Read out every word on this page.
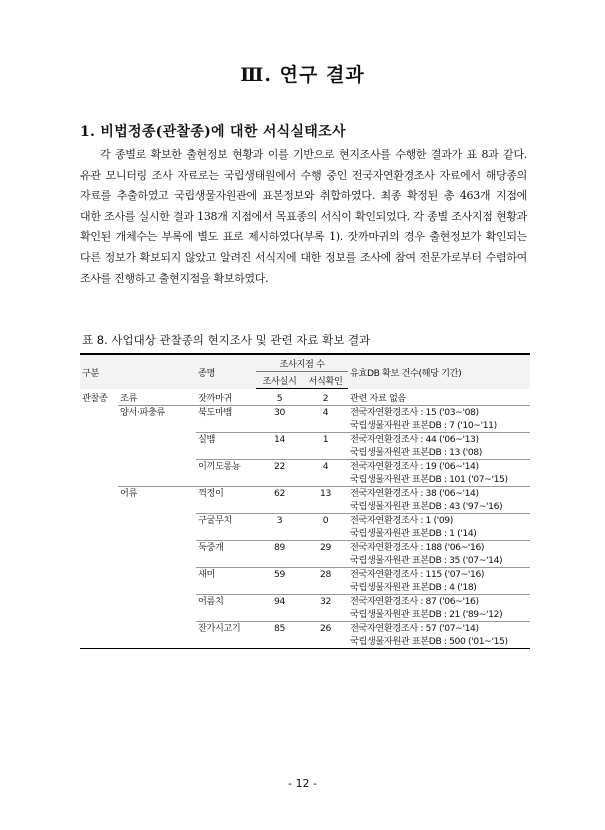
Ⅲ. 연구 결과
1. 비법정종(관찰종)에 대한 서식실태조사
각 종별로 확보한 출현정보 현황과 이를 기반으로 현지조사를 수행한 결과가 표 8과 같다. 유관 모니터링 조사 자료로는 국립생태원에서 수행 중인 전국자연환경조사 자료에서 해당종의 자료를 추출하였고 국립생물자원관에 표본정보와 취합하였다. 최종 확정된 총 463개 지점에 대한 조사를 실시한 결과 138개 지점에서 목표종의 서식이 확인되었다. 각 종별 조사지점 현황과 확인된 개체수는 부록에 별도 표로 제시하였다(부록 1). 잣까마귀의 경우 출현정보가 확인되는 다른 정보가 확보되지 않았고 알려진 서식지에 대한 정보를 조사에 참여 전문가로부터 수렴하여 조사를 진행하고 출현지점을 확보하였다.
표 8. 사업대상 관찰종의 현지조사 및 관련 자료 확보 결과
구분		종명	조사지점 수		유효DB 확보 건수(해당 기간)
			조사실시	서식확인	
관찰종	조류	잣까마귀	5	2	관련 자료 없음
	양서·파충류	북도마뱀	30	4	전국자연환경조사 : 15 ('03~'08)
					국립생물자원관 표본DB : 7 ('10~'11)
		실뱀	14	1	전국자연환경조사 : 44 ('06~'13)
					국립생물자원관 표본DB : 13 ('08)
		이끼도롱뇽	22	4	전국자연환경조사 : 19 ('06~'14)
					국립생물자원관 표본DB : 101 ('07~'15)
	어류	꺽정이	62	13	전국자연환경조사 : 38 ('06~'14)
					국립생물자원관 표본DB : 43 ('97~'16)
		구굴무치	3	0	전국자연환경조사 : 1 ('09)
					국립생물자원관 표본DB : 1 ('14)
		둑중개	89	29	전국자연환경조사 : 188 ('06~'16)
					국립생물자원관 표본DB : 35 ('07~'14)
		새미	59	28	전국자연환경조사 : 115 ('07~'16)
					국립생물자원관 표본DB : 4 ('18)
		어름치	94	32	전국자연환경조사 : 87 ('06~'16)
					국립생물자원관 표본DB : 21 ('89~'12)
		잔가시고기	85	26	전국자연환경조사 : 57 ('07~'14)
					국립생물자원관 표본DB : 500 ('01~'15)
- 12 -
